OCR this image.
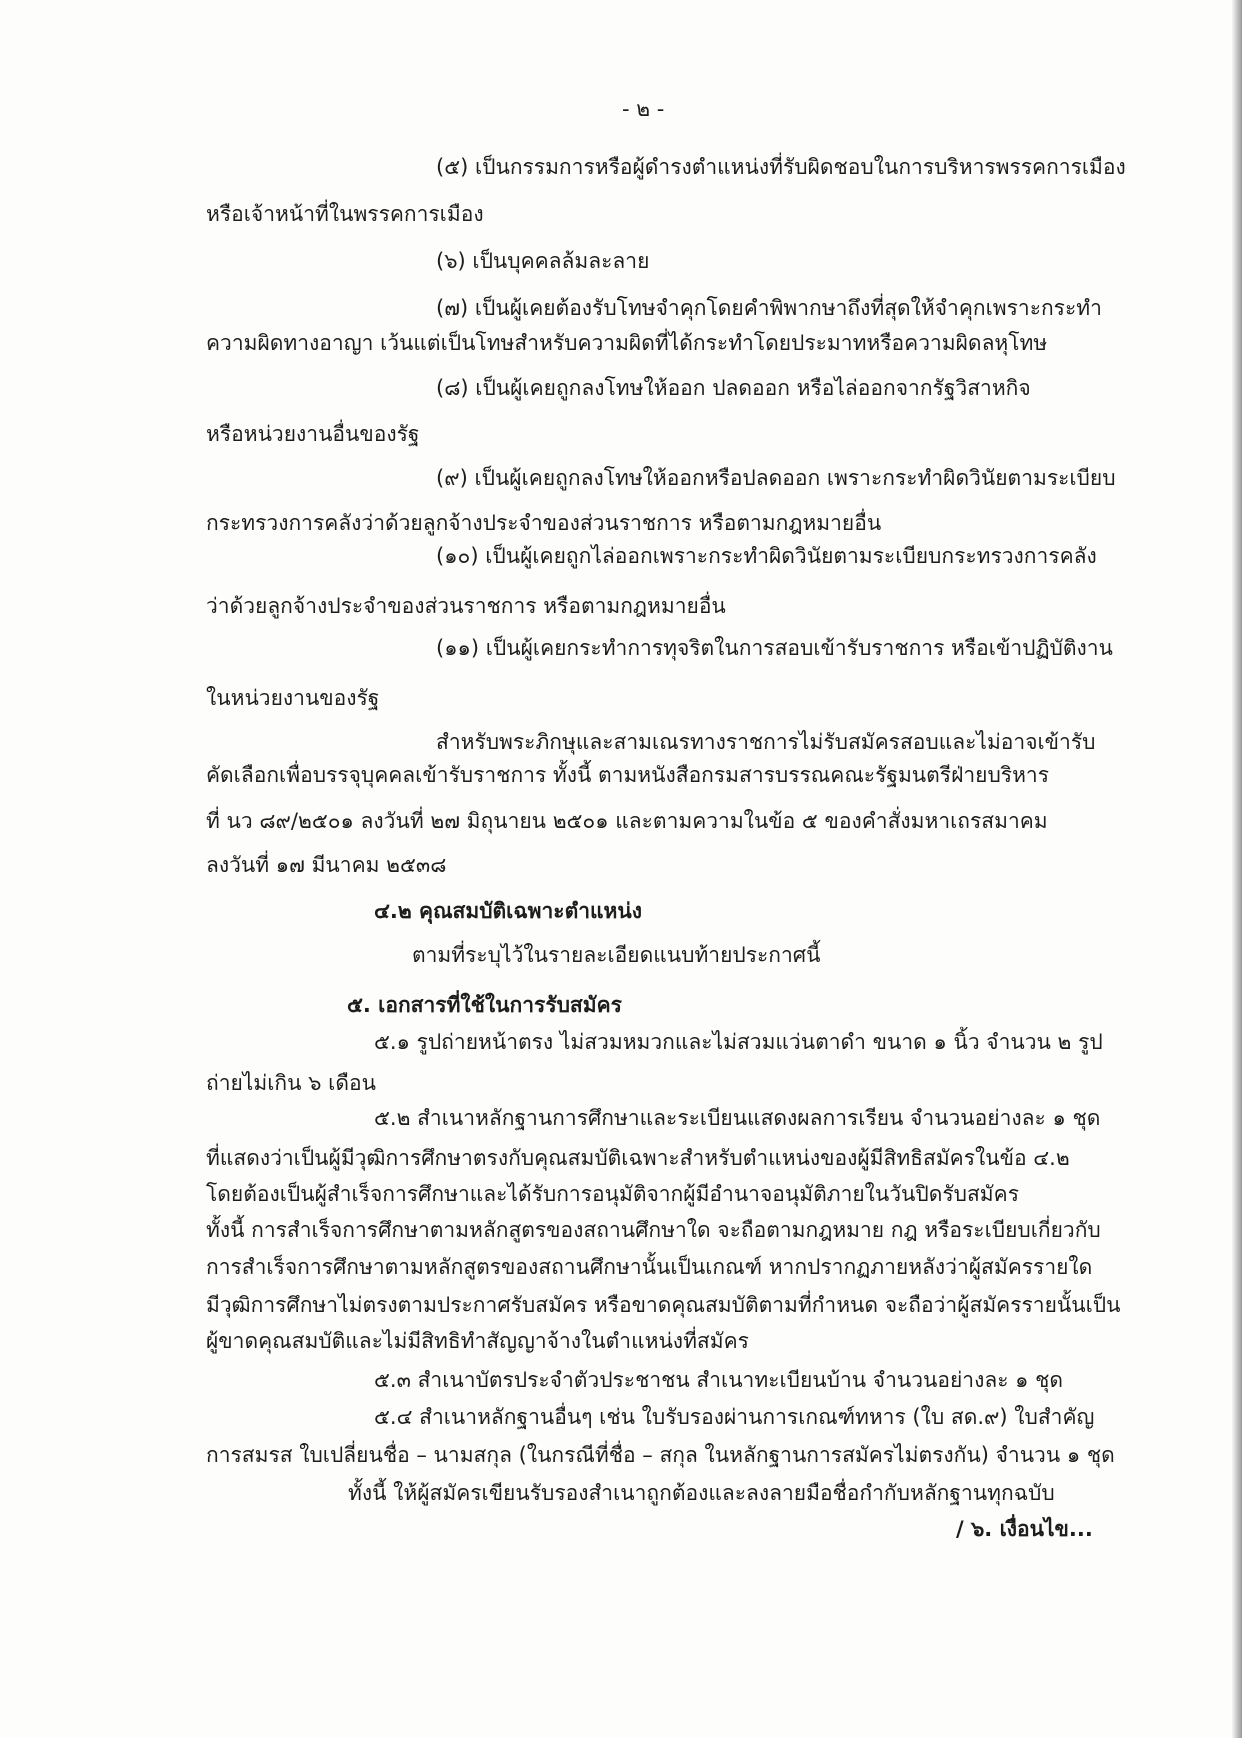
- ๒ -
(๕) เป็นกรรมการหรือผู้ดำรงตำแหน่งที่รับผิดชอบในการบริหารพรรคการเมือง
หรือเจ้าหน้าที่ในพรรคการเมือง
(๖) เป็นบุคคลล้มละลาย
(๗) เป็นผู้เคยต้องรับโทษจำคุกโดยคำพิพากษาถึงที่สุดให้จำคุกเพราะกระทำ
ความผิดทางอาญา เว้นแต่เป็นโทษสำหรับความผิดที่ได้กระทำโดยประมาทหรือความผิดลหุโทษ
(๘) เป็นผู้เคยถูกลงโทษให้ออก ปลดออก หรือไล่ออกจากรัฐวิสาหกิจ
หรือหน่วยงานอื่นของรัฐ
(๙) เป็นผู้เคยถูกลงโทษให้ออกหรือปลดออก เพราะกระทำผิดวินัยตามระเบียบ
กระทรวงการคลังว่าด้วยลูกจ้างประจำของส่วนราชการ หรือตามกฎหมายอื่น
(๑๐) เป็นผู้เคยถูกไล่ออกเพราะกระทำผิดวินัยตามระเบียบกระทรวงการคลัง
ว่าด้วยลูกจ้างประจำของส่วนราชการ หรือตามกฎหมายอื่น
(๑๑) เป็นผู้เคยกระทำการทุจริตในการสอบเข้ารับราชการ หรือเข้าปฏิบัติงาน
ในหน่วยงานของรัฐ
สำหรับพระภิกษุและสามเณรทางราชการไม่รับสมัครสอบและไม่อาจเข้ารับ
คัดเลือกเพื่อบรรจุบุคคลเข้ารับราชการ ทั้งนี้ ตามหนังสือกรมสารบรรณคณะรัฐมนตรีฝ่ายบริหาร
ที่ นว ๘๙/๒๕๐๑ ลงวันที่ ๒๗ มิถุนายน ๒๕๐๑ และตามความในข้อ ๕ ของคำสั่งมหาเถรสมาคม
ลงวันที่ ๑๗ มีนาคม ๒๕๓๘
๔.๒ คุณสมบัติเฉพาะตำแหน่ง
ตามที่ระบุไว้ในรายละเอียดแนบท้ายประกาศนี้
๕. เอกสารที่ใช้ในการรับสมัคร
๕.๑ รูปถ่ายหน้าตรง ไม่สวมหมวกและไม่สวมแว่นตาดำ ขนาด ๑ นิ้ว จำนวน ๒ รูป
ถ่ายไม่เกิน ๖ เดือน
๕.๒ สำเนาหลักฐานการศึกษาและระเบียนแสดงผลการเรียน จำนวนอย่างละ ๑ ชุด
ที่แสดงว่าเป็นผู้มีวุฒิการศึกษาตรงกับคุณสมบัติเฉพาะสำหรับตำแหน่งของผู้มีสิทธิสมัครในข้อ ๔.๒
โดยต้องเป็นผู้สำเร็จการศึกษาและได้รับการอนุมัติจากผู้มีอำนาจอนุมัติภายในวันปิดรับสมัคร
ทั้งนี้ การสำเร็จการศึกษาตามหลักสูตรของสถานศึกษาใด จะถือตามกฎหมาย กฎ หรือระเบียบเกี่ยวกับ
การสำเร็จการศึกษาตามหลักสูตรของสถานศึกษานั้นเป็นเกณฑ์ หากปรากฏภายหลังว่าผู้สมัครรายใด
มีวุฒิการศึกษาไม่ตรงตามประกาศรับสมัคร หรือขาดคุณสมบัติตามที่กำหนด จะถือว่าผู้สมัครรายนั้นเป็น
ผู้ขาดคุณสมบัติและไม่มีสิทธิทำสัญญาจ้างในตำแหน่งที่สมัคร
๕.๓ สำเนาบัตรประจำตัวประชาชน สำเนาทะเบียนบ้าน จำนวนอย่างละ ๑ ชุด
๕.๔ สำเนาหลักฐานอื่นๆ เช่น ใบรับรองผ่านการเกณฑ์ทหาร (ใบ สด.๙) ใบสำคัญ
การสมรส ใบเปลี่ยนชื่อ – นามสกุล (ในกรณีที่ชื่อ – สกุล ในหลักฐานการสมัครไม่ตรงกัน) จำนวน ๑ ชุด
ทั้งนี้ ให้ผู้สมัครเขียนรับรองสำเนาถูกต้องและลงลายมือชื่อกำกับหลักฐานทุกฉบับ
/ ๖. เงื่อนไข...
